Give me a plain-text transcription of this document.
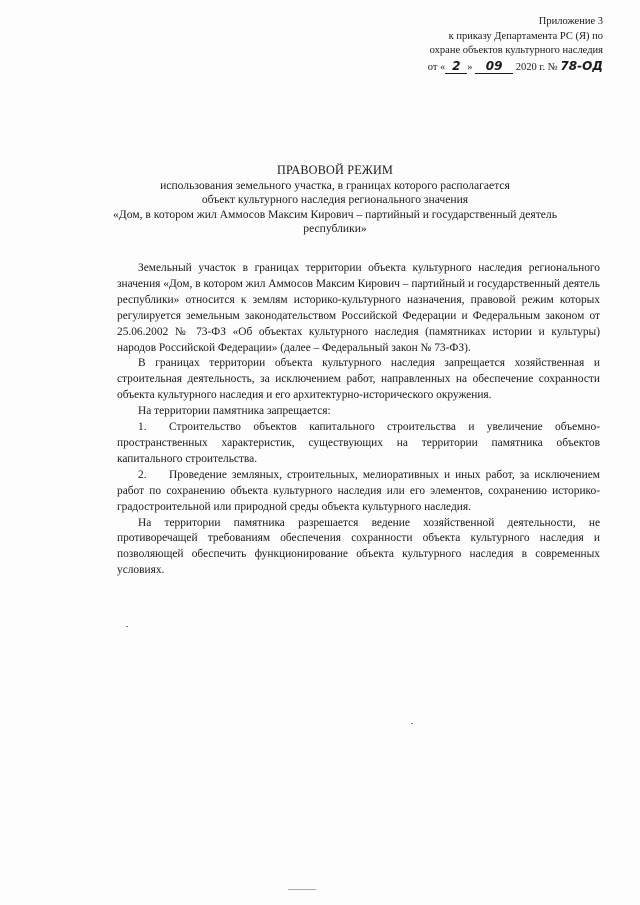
Приложение 3
к приказу Департамента РС (Я) по
охране объектов культурного наследия
от « 2 » 09 2020 г. № 78-ОД
ПРАВОВОЙ РЕЖИМ
использования земельного участка, в границах которого располагается
объект культурного наследия регионального значения
«Дом, в котором жил Аммосов Максим Кирович – партийный и государственный деятель
республики»

Земельный участок в границах территории объекта культурного наследия регионального значения «Дом, в котором жил Аммосов Максим Кирович – партийный и государственный деятель республики» относится к землям историко-культурного назначения, правовой режим которых регулируется земельным законодательством Российской Федерации и Федеральным законом от 25.06.2002 № 73-ФЗ «Об объектах культурного наследия (памятниках истории и культуры) народов Российской Федерации» (далее – Федеральный закон № 73-ФЗ).

В границах территории объекта культурного наследия запрещается хозяйственная и строительная деятельность, за исключением работ, направленных на обеспечение сохранности объекта культурного наследия и его архитектурно-исторического окружения.

На территории памятника запрещается:

1. Строительство объектов капитального строительства и увеличение объемно-пространственных характеристик, существующих на территории памятника объектов капитального строительства.

2. Проведение земляных, строительных, мелиоративных и иных работ, за исключением работ по сохранению объекта культурного наследия или его элементов, сохранению историко-градостроительной или природной среды объекта культурного наследия.

На территории памятника разрешается ведение хозяйственной деятельности, не противоречащей требованиям обеспечения сохранности объекта культурного наследия и позволяющей обеспечить функционирование объекта культурного наследия в современных условиях.
